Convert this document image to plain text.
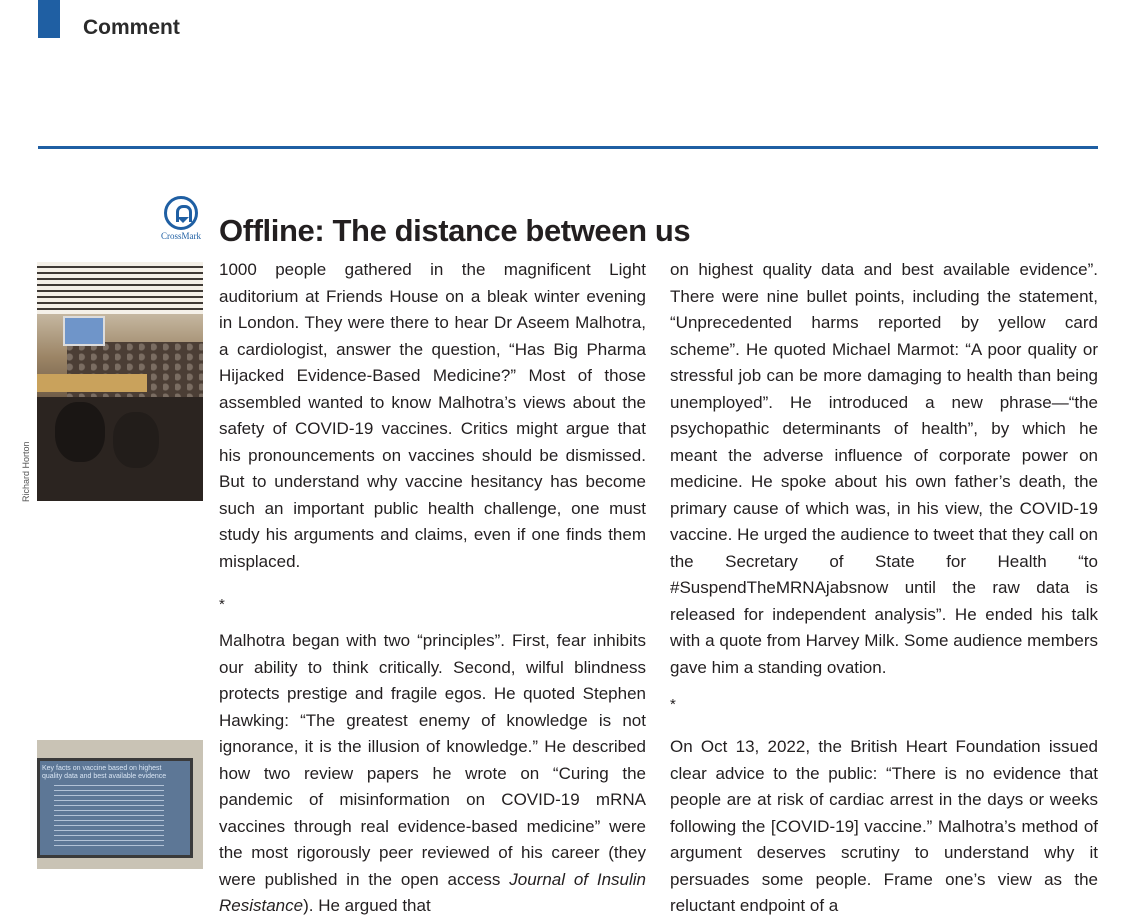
Comment
CrossMark Offline: The distance between us
Richard Horton
Key facts on vaccine based on highest quality data and best available evidence

1000 people gathered in the magnificent Light auditorium at Friends House on a bleak winter evening in London. They were there to hear Dr Aseem Malhotra, a cardiologist, answer the question, “Has Big Pharma Hijacked Evidence-Based Medicine?” Most of those assembled wanted to know Malhotra’s views about the safety of COVID-19 vaccines. Critics might argue that his pronouncements on vaccines should be dismissed. But to understand why vaccine hesitancy has become such an important public health challenge, one must study his arguments and claims, even if one finds them misplaced.

*

Malhotra began with two “principles”. First, fear inhibits our ability to think critically. Second, wilful blindness protects prestige and fragile egos. He quoted Stephen Hawking: “The greatest enemy of knowledge is not ignorance, it is the illusion of knowledge.” He described how two review papers he wrote on “Curing the pandemic of misinformation on COVID-19 mRNA vaccines through real evidence-based medicine” were the most rigorously peer reviewed of his career (they were published in the open access Journal of Insulin Resistance). He argued that

on highest quality data and best available evidence”. There were nine bullet points, including the statement, “Unprecedented harms reported by yellow card scheme”. He quoted Michael Marmot: “A poor quality or stressful job can be more damaging to health than being unemployed”. He introduced a new phrase—“the psychopathic determinants of health”, by which he meant the adverse influence of corporate power on medicine. He spoke about his own father’s death, the primary cause of which was, in his view, the COVID-19 vaccine. He urged the audience to tweet that they call on the Secretary of State for Health “to #SuspendTheMRNAjabsnow until the raw data is released for independent analysis”. He ended his talk with a quote from Harvey Milk. Some audience members gave him a standing ovation.

*

On Oct 13, 2022, the British Heart Foundation issued clear advice to the public: “There is no evidence that people are at risk of cardiac arrest in the days or weeks following the [COVID-19] vaccine.” Malhotra’s method of argument deserves scrutiny to understand why it persuades some people. Frame one’s view as the reluctant endpoint of a
